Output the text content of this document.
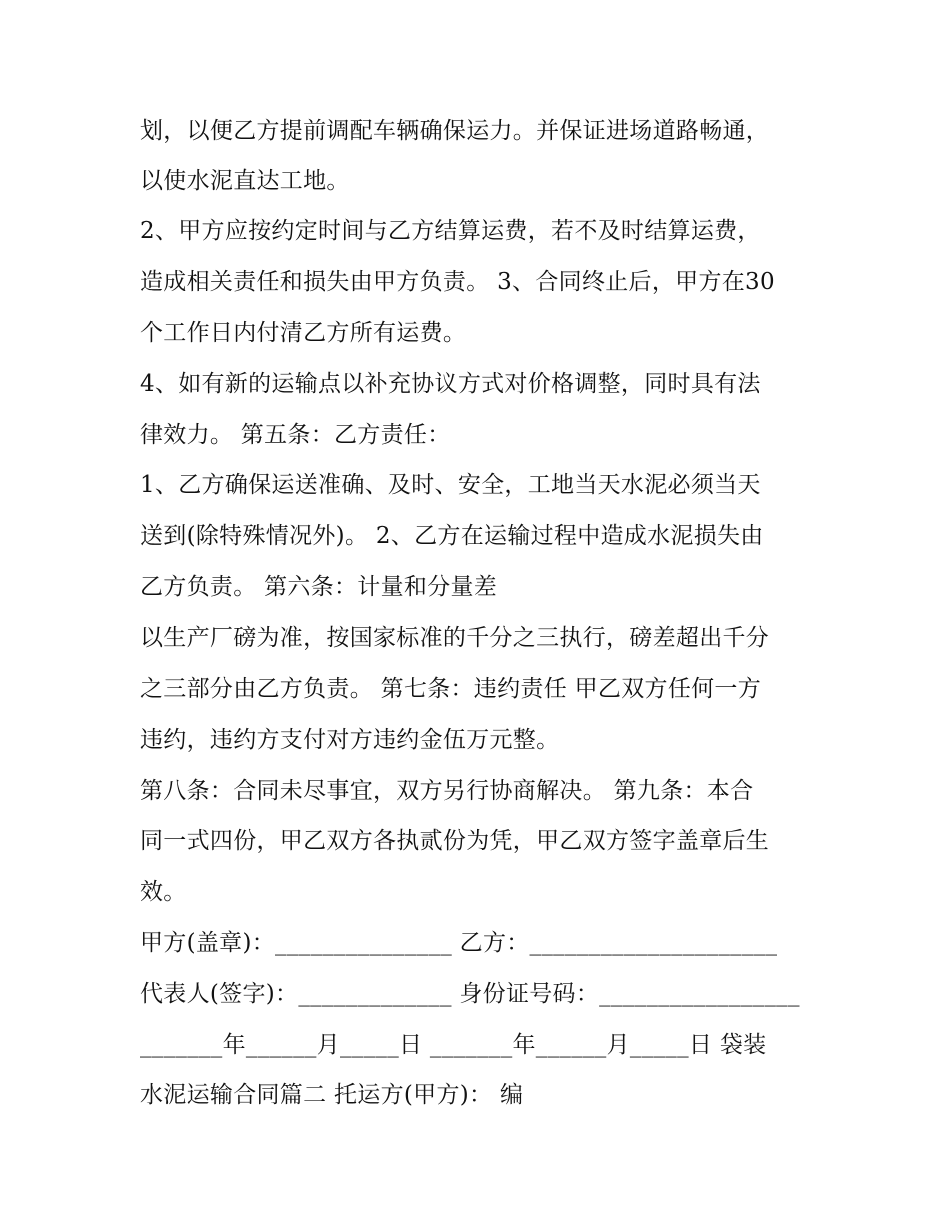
划，以便乙方提前调配车辆确保运力。并保证进场道路畅通，
以使水泥直达工地。
2、甲方应按约定时间与乙方结算运费，若不及时结算运费，
造成相关责任和损失由甲方负责。 3、合同终止后，甲方在30
个工作日内付清乙方所有运费。
4、如有新的运输点以补充协议方式对价格调整，同时具有法
律效力。 第五条：乙方责任：
1、乙方确保运送准确、及时、安全，工地当天水泥必须当天
送到(除特殊情况外)。 2、乙方在运输过程中造成水泥损失由
乙方负责。 第六条：计量和分量差
以生产厂磅为准，按国家标准的千分之三执行，磅差超出千分
之三部分由乙方负责。 第七条：违约责任 甲乙双方任何一方
违约，违约方支付对方违约金伍万元整。
第八条：合同未尽事宜，双方另行协商解决。 第九条：本合
同一式四份，甲乙双方各执贰份为凭，甲乙双方签字盖章后生
效。
甲方(盖章)：_______________ 乙方：_____________________
代表人(签字)：_____________ 身份证号码：_________________
_______年______月_____日 _______年______月_____日 袋装
水泥运输合同篇二 托运方(甲方)： 编
